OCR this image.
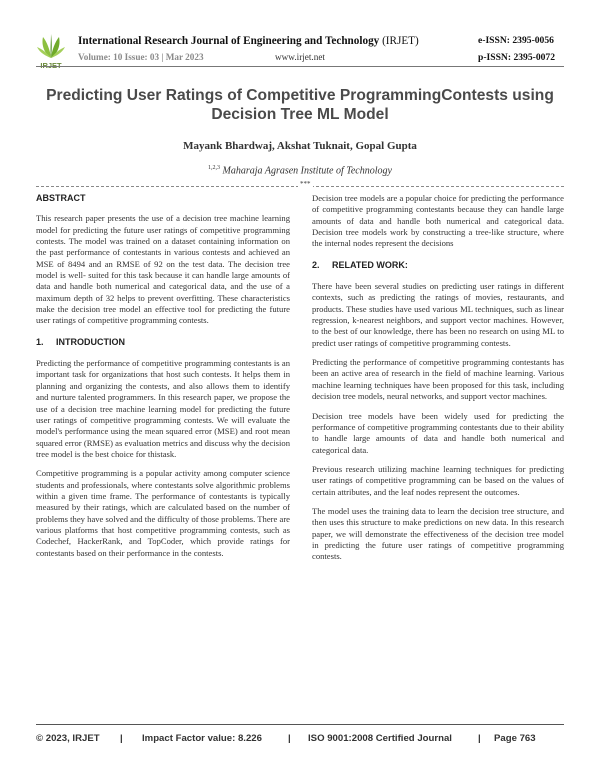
IRJET
International Research Journal of Engineering and Technology (IRJET)
Volume: 10 Issue: 03 | Mar 2023	www.irjet.net
e-ISSN: 2395-0056
p-ISSN: 2395-0072
Predicting User Ratings of Competitive ProgrammingContests using
Decision Tree ML Model
Mayank Bhardwaj, Akshat Tuknait, Gopal Gupta
$^{1,2,3}$ Maharaja Agrasen Institute of Technology
***
ABSTRACT

This research paper presents the use of a decision tree machine learning model for predicting the future user ratings of competitive programming contests. The model was trained on a dataset containing information on the past performance of contestants in various contests and achieved an MSE of 8494 and an RMSE of 92 on the test data. The decision tree model is well- suited for this task because it can handle large amounts of data and handle both numerical and categorical data, and the use of a maximum depth of 32 helps to prevent overfitting. These characteristics make the decision tree model an effective tool for predicting the future user ratings of competitive programming contests.

1. INTRODUCTION

Predicting the performance of competitive programming contestants is an important task for organizations that host such contests. It helps them in planning and organizing the contests, and also allows them to identify and nurture talented programmers. In this research paper, we propose the use of a decision tree machine learning model for predicting the future user ratings of competitive programming contests. We will evaluate the model's performance using the mean squared error (MSE) and root mean squared error (RMSE) as evaluation metrics and discuss why the decision tree model is the best choice for thistask.

Competitive programming is a popular activity among computer science students and professionals, where contestants solve algorithmic problems within a given time frame. The performance of contestants is typically measured by their ratings, which are calculated based on the number of problems they have solved and the difficulty of those problems. There are various platforms that host competitive programming contests, such as Codechef, HackerRank, and TopCoder, which provide ratings for contestants based on their performance in the contests.

Decision tree models are a popular choice for predicting the performance of competitive programming contestants because they can handle large amounts of data and handle both numerical and categorical data. Decision tree models work by constructing a tree-like structure, where the internal nodes represent the decisions

2. RELATED WORK:

There have been several studies on predicting user ratings in different contexts, such as predicting the ratings of movies, restaurants, and products. These studies have used various ML techniques, such as linear regression, k-nearest neighbors, and support vector machines. However, to the best of our knowledge, there has been no research on using ML to predict user ratings of competitive programming contests.

Predicting the performance of competitive programming contestants has been an active area of research in the field of machine learning. Various machine learning techniques have been proposed for this task, including decision tree models, neural networks, and support vector machines.

Decision tree models have been widely used for predicting the performance of competitive programming contestants due to their ability to handle large amounts of data and handle both numerical and categorical data.

Previous research utilizing machine learning techniques for predicting user ratings of competitive programming can be based on the values of certain attributes, and the leaf nodes represent the outcomes.

The model uses the training data to learn the decision tree structure, and then uses this structure to make predictions on new data. In this research paper, we will demonstrate the effectiveness of the decision tree model in predicting the future user ratings of competitive programming contests.

© 2023, IRJET | Impact Factor value: 8.226	| ISO 9001:2008 Certified Journal	| Page 763
